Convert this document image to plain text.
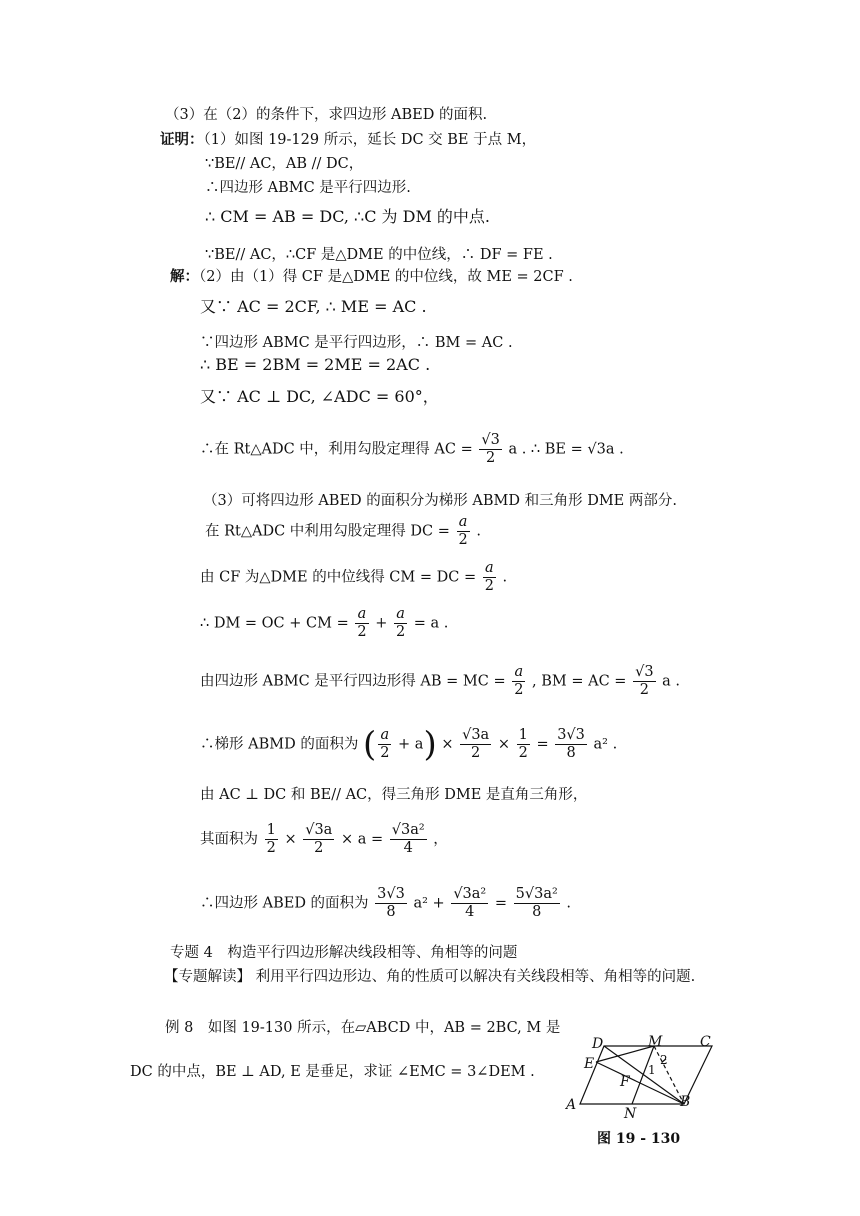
（3）在（2）的条件下，求四边形 ABED 的面积.
证明：（1）如图 19-129 所示，延长 DC 交 BE 于点 M，
∵BE// AC，AB // DC，
∴四边形 ABMC 是平行四边形.
∴ CM = AB = DC, ∴C 为 DM 的中点.
∵BE// AC，∴CF 是△DME 的中位线，∴ DF = FE .
解：（2）由（1）得 CF 是△DME 的中位线，故 ME = 2CF .
又∵ AC = 2CF, ∴ ME = AC .
∵四边形 ABMC 是平行四边形，∴ BM = AC .
∴ BE = 2BM = 2ME = 2AC .
又∵ AC ⊥ DC, ∠ADC = 60°，
∴在 Rt△ADC 中，利用勾股定理得 AC = $\frac{√3}{2}$ a . ∴ BE = √3a .
（3）可将四边形 ABED 的面积分为梯形 ABMD 和三角形 DME 两部分.
在 Rt△ADC 中利用勾股定理得 DC = $\frac{a}{2}$ .
由 CF 为△DME 的中位线得 CM = DC = $\frac{a}{2}$ .
∴ DM = OC + CM = $\frac{a}{2} + \frac{a}{2} = a$ .
由四边形 ABMC 是平行四边形得 AB = MC = $\frac{a}{2}$ , BM = AC = $\frac{√3}{2}$ a .
∴梯形 ABMD 的面积为 ( $\frac{a}{2} + a) \times \frac{√3a}{2} \times \frac{1}{2} = \frac{3√3}{8} a^2$ .
由 AC ⊥ DC 和 BE// AC，得三角形 DME 是直角三角形，
其面积为 $\frac{1}{2} \times \frac{√3a}{2} \times a = \frac{\text{√3a²}}{4}$ ，
∴四边形 ABED 的面积为 $\frac{3√3}{8} a^2 + \frac{\text{√3a²}}{4} = \frac{\text{5√3a²}}{8}$ .
专题 4　构造平行四边形解决线段相等、角相等的问题
【专题解读】 利用平行四边形边、角的性质可以解决有关线段相等、角相等的问题.
例 8　如图 19-130 所示，在▱ABCD 中，AB = 2BC, M 是
DC 的中点，BE ⊥ AD, E 是垂足，求证 ∠EMC = 3∠DEM .
D	M	C
E
A
N
B
F
1
2
图 19 - 130
